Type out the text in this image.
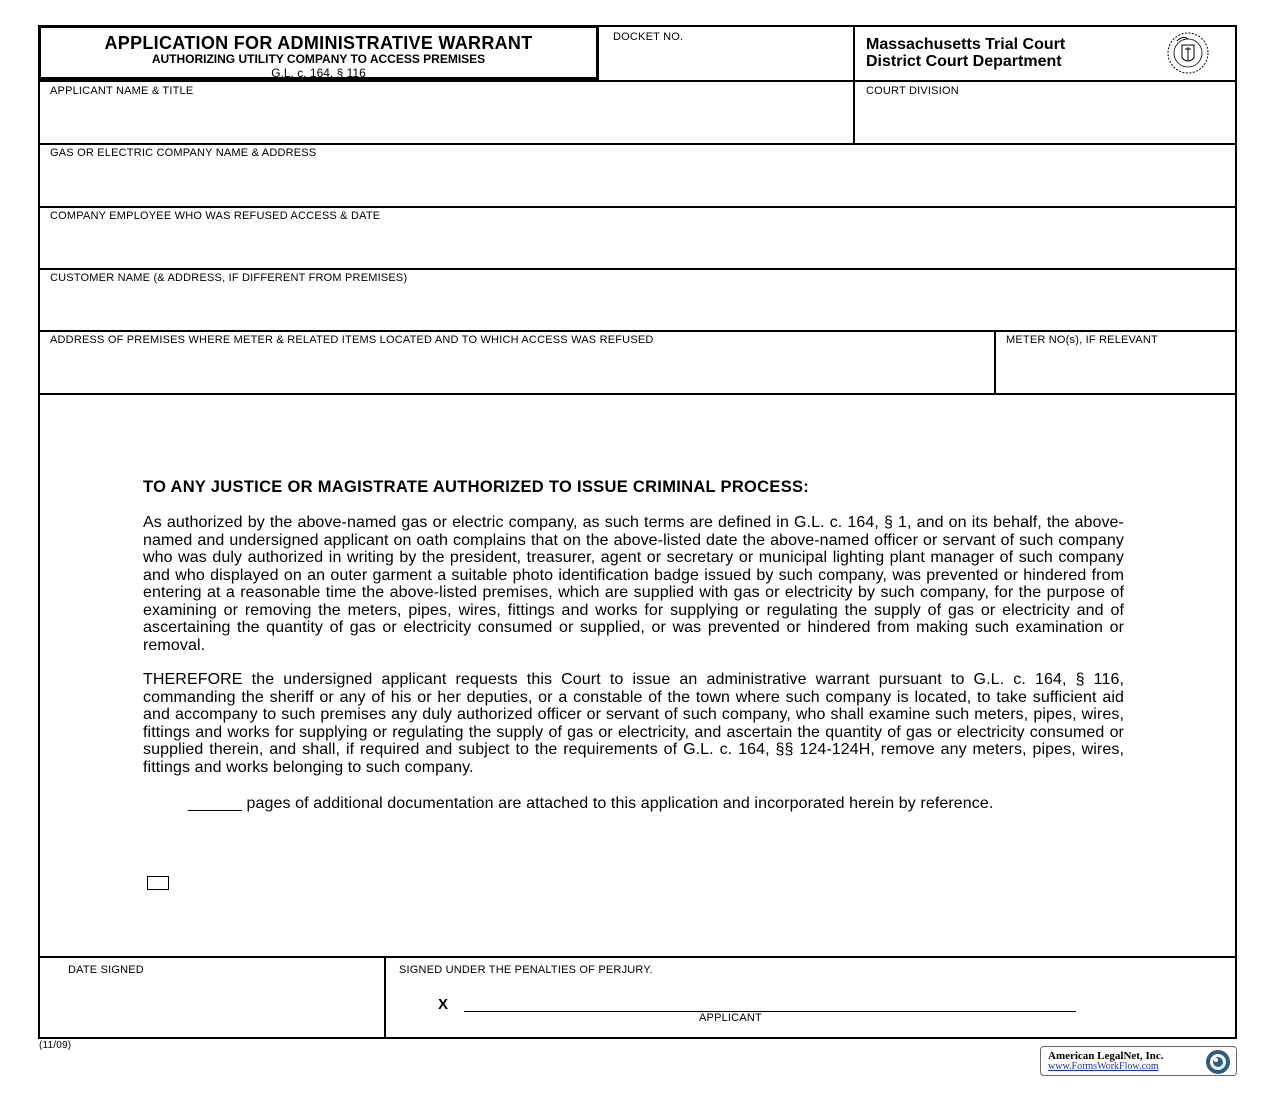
APPLICATION FOR ADMINISTRATIVE WARRANT
AUTHORIZING UTILITY COMPANY TO ACCESS PREMISES
G.L. c. 164, § 116
DOCKET NO.	Massachusetts Trial Court
District Court Department
APPLICANT NAME & TITLE	COURT DIVISION
GAS OR ELECTRIC COMPANY NAME & ADDRESS
COMPANY EMPLOYEE WHO WAS REFUSED ACCESS & DATE
CUSTOMER NAME (& ADDRESS, IF DIFFERENT FROM PREMISES)
ADDRESS OF PREMISES WHERE METER & RELATED ITEMS LOCATED AND TO WHICH ACCESS WAS REFUSED	METER NO(s), IF RELEVANT
TO ANY JUSTICE OR MAGISTRATE AUTHORIZED TO ISSUE CRIMINAL PROCESS:

As authorized by the above-named gas or electric company, as such terms are defined in G.L. c. 164, § 1, and on its behalf, the above-named and undersigned applicant on oath complains that on the above-listed date the above-named officer or servant of such company who was duly authorized in writing by the president, treasurer, agent or secretary or municipal lighting plant manager of such company and who displayed on an outer garment a suitable photo identification badge issued by such company, was prevented or hindered from entering at a reasonable time the above-listed premises, which are supplied with gas or electricity by such company, for the purpose of examining or removing the meters, pipes, wires, fittings and works for supplying or regulating the supply of gas or electricity and of ascertaining the quantity of gas or electricity consumed or supplied, or was prevented or hindered from making such examination or removal.

THEREFORE the undersigned applicant requests this Court to issue an administrative warrant pursuant to G.L. c. 164, § 116, commanding the sheriff or any of his or her deputies, or a constable of the town where such company is located, to take sufficient aid and accompany to such premises any duly authorized officer or servant of such company, who shall examine such meters, pipes, wires, fittings and works for supplying or regulating the supply of gas or electricity, and ascertain the quantity of gas or electricity consumed or supplied therein, and shall, if required and subject to the requirements of G.L. c. 164, §§ 124-124H, remove any meters, pipes, wires, fittings and works belonging to such company.

______ pages of additional documentation are attached to this application and incorporated herein by reference.

DATE SIGNED	SIGNED UNDER THE PENALTIES OF PERJURY.
X
APPLICANT
(11/09)
American LegalNet, Inc.
www.FormsWorkFlow.com
